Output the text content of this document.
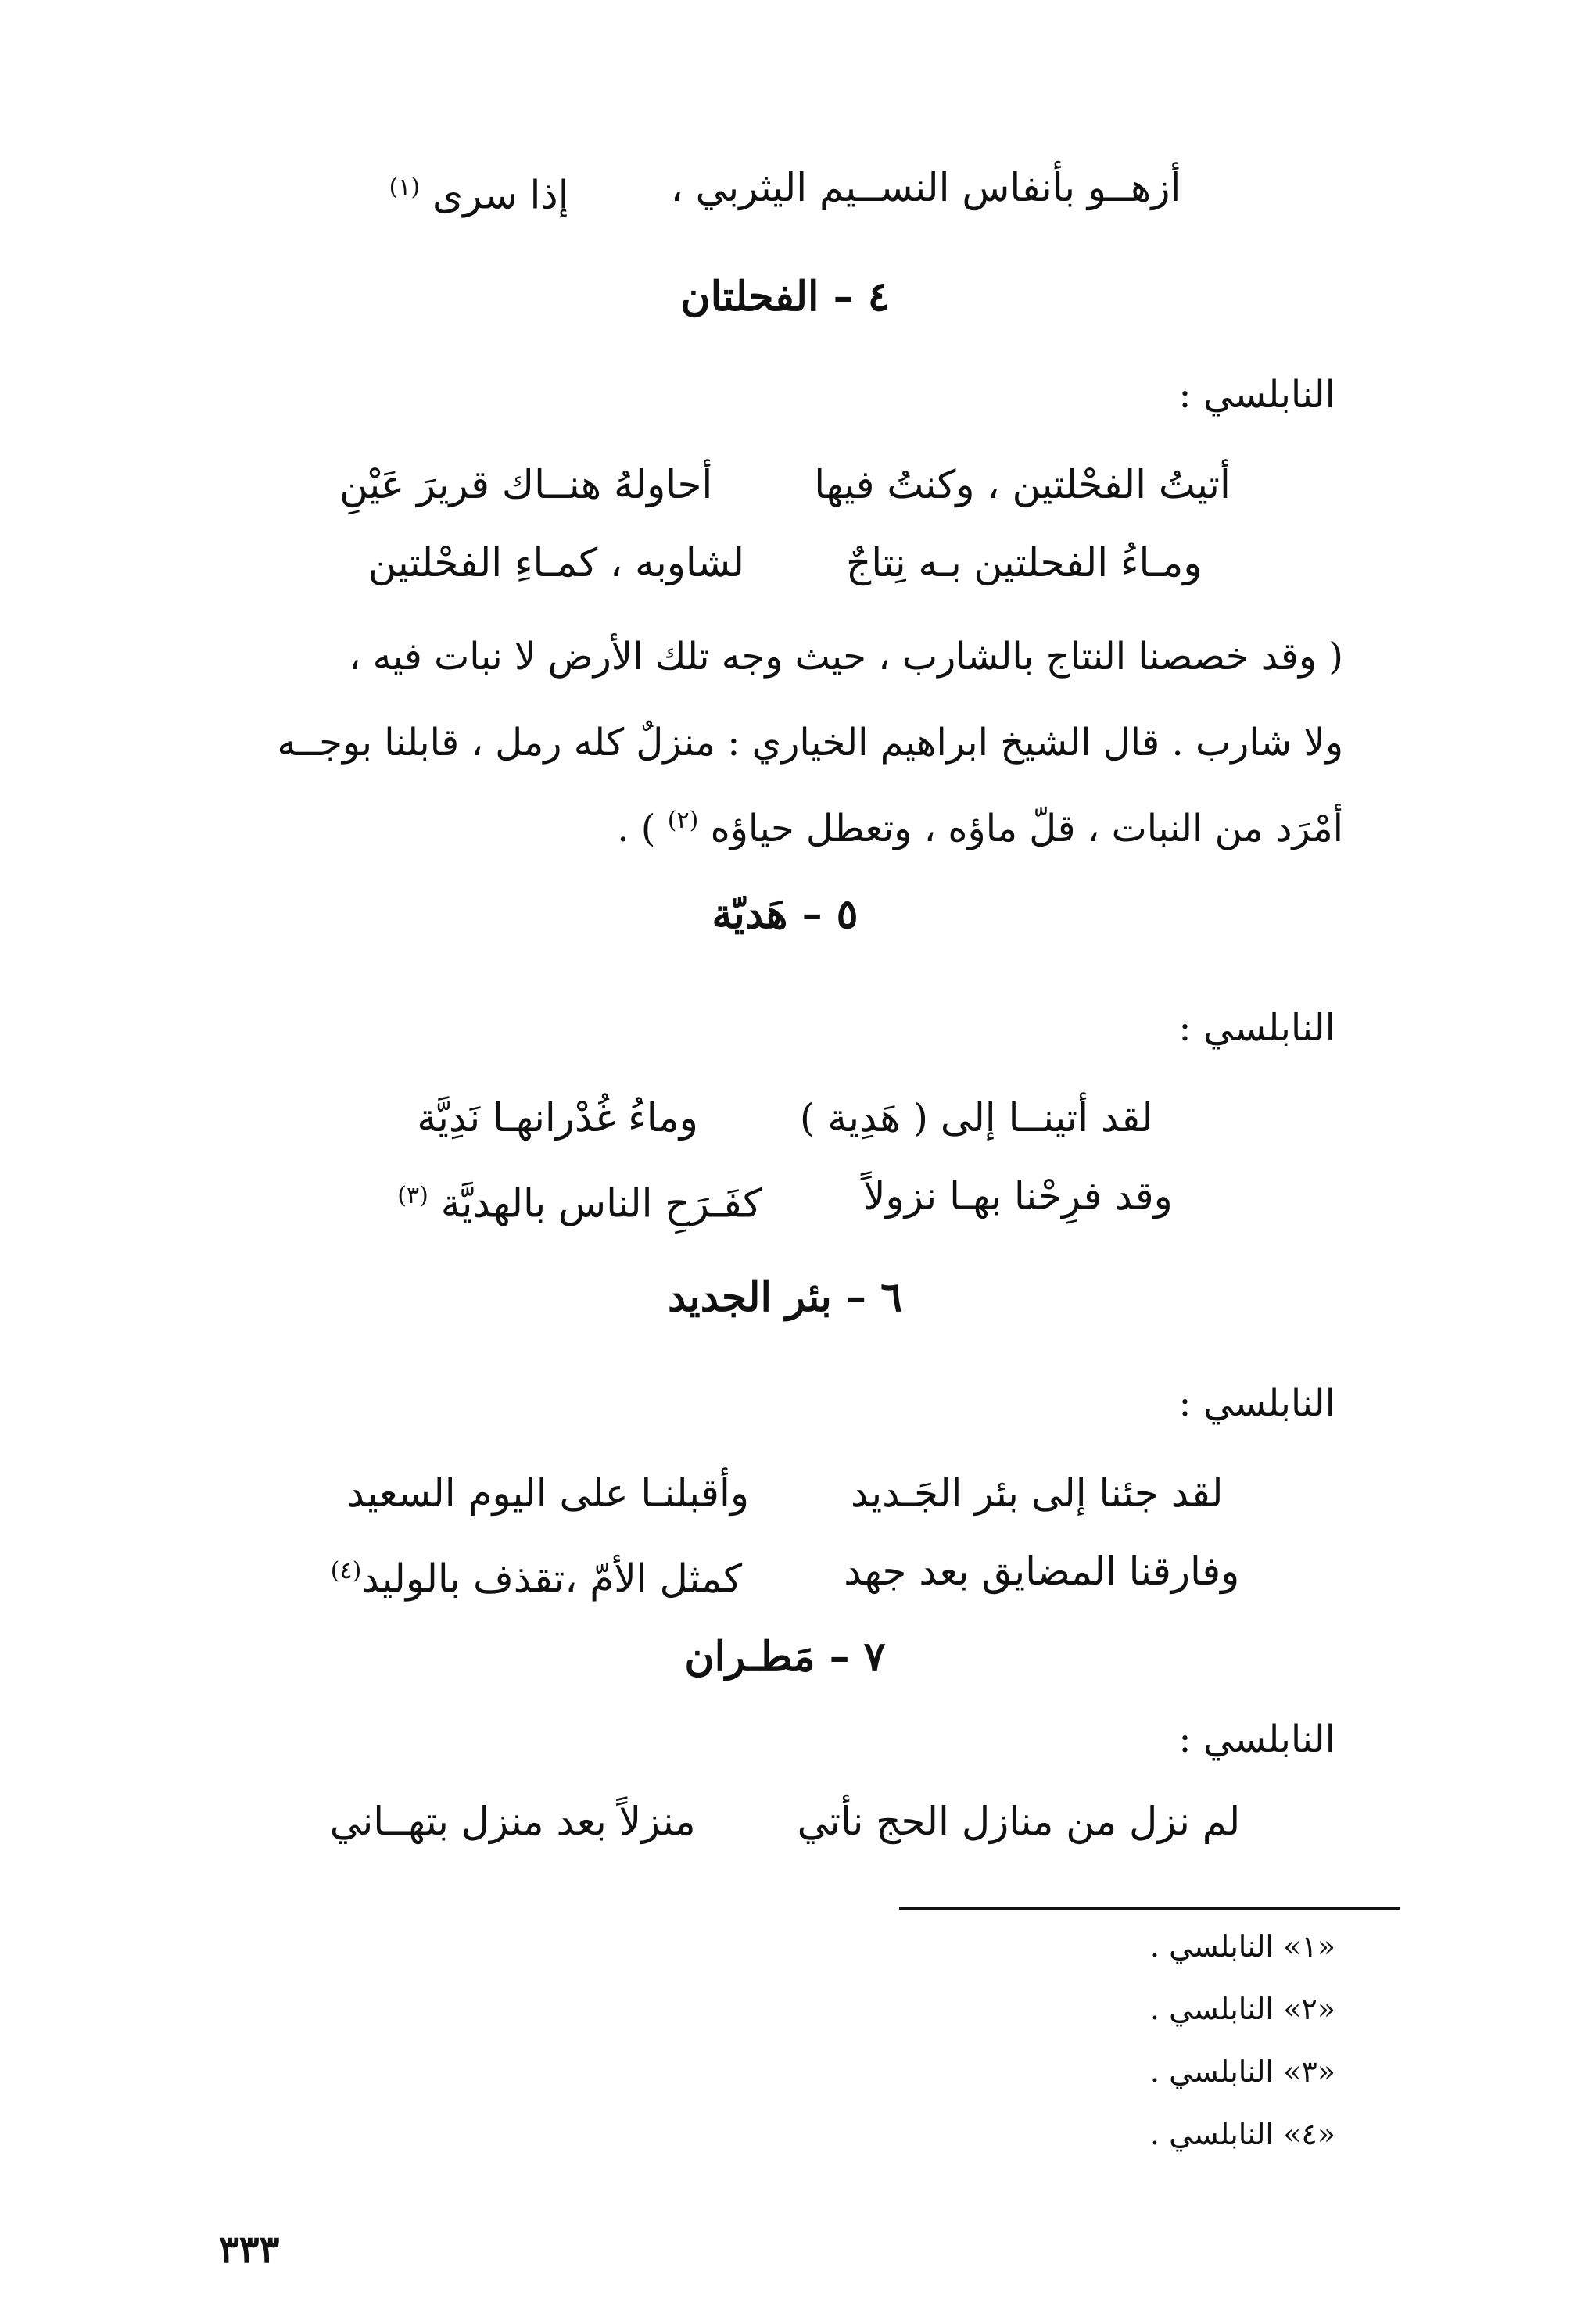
أزهــو بأنفاس النســيم اليثربي ،
إذا سرى $^{(١)}$
٤ – الفحلتان
النابلسي :
أتيتُ الفحْلتين ، وكنتُ فيها
أحاولهُ هنــاك قريرَ عَيْنِ
ومـاءُ الفحلتين بـه نِتاجٌ
لشاوبه ، كمـاءِ الفحْلتين
( وقد خصصنا النتاج بالشارب ، حيث وجه تلك الأرض لا نبات فيه ،
ولا شارب . قال الشيخ ابراهيم الخياري : منزلٌ كله رمل ، قابلنا بوجــه
أمْرَد من النبات ، قلّ ماؤه ، وتعطل حياؤه $^{(٢)}$ ) .
٥ – هَديّة
النابلسي :
لقد أتينــا إلى ( هَدِية )
وماءُ غُدْرانهـا نَدِيَّة
وقد فرِحْنا بهـا نزولاً
كفَـرَحِ الناس بالهديَّة $^{(٣)}$
٦ – بئر الجديد
النابلسي :
لقد جئنا إلى بئر الجَـديد
وأقبلنـا على اليوم السعيد
وفارقنا المضايق بعد جهد
كمثل الأمّ ،تقذف بالوليد$^{(٤)}$
٧ – مَطـران
النابلسي :
لم نزل من منازل الحج نأتي
منزلاً بعد منزل بتهــاني
«١» النابلسي .
«٢» النابلسي .
«٣» النابلسي .
«٤» النابلسي .
٣٣٣
